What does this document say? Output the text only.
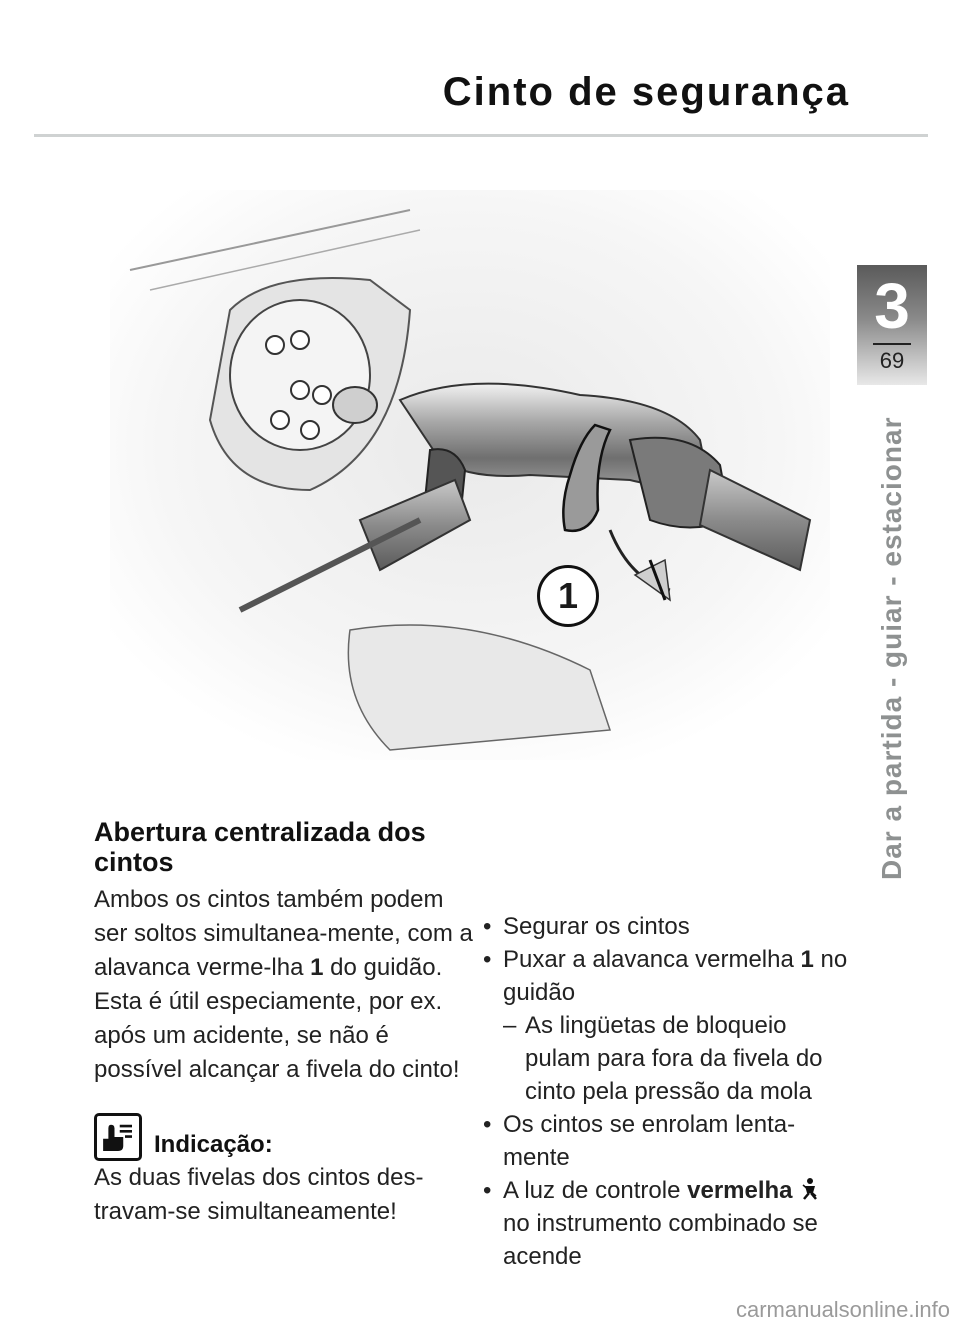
Cinto de segurança
3
69
Dar a partida - guiar - estacionar
1
Abertura centralizada dos cintos
Ambos os cintos também podem ser soltos simultanea-mente, com a alavanca verme-lha 1 do guidão. Esta é útil especiamente, por ex. após um acidente, se não é possível alcançar a fivela do cinto!
Indicação:
As duas fivelas dos cintos des-travam-se simultaneamente!
• Segurar os cintos
• Puxar a alavanca vermelha 1 no guidão
– As lingüetas de bloqueio pulam para fora da fivela do cinto pela pressão da mola
• Os cintos se enrolam lenta-mente
• A luz de controle vermelha  no instrumento combinado se acende
carmanualsonline.info
